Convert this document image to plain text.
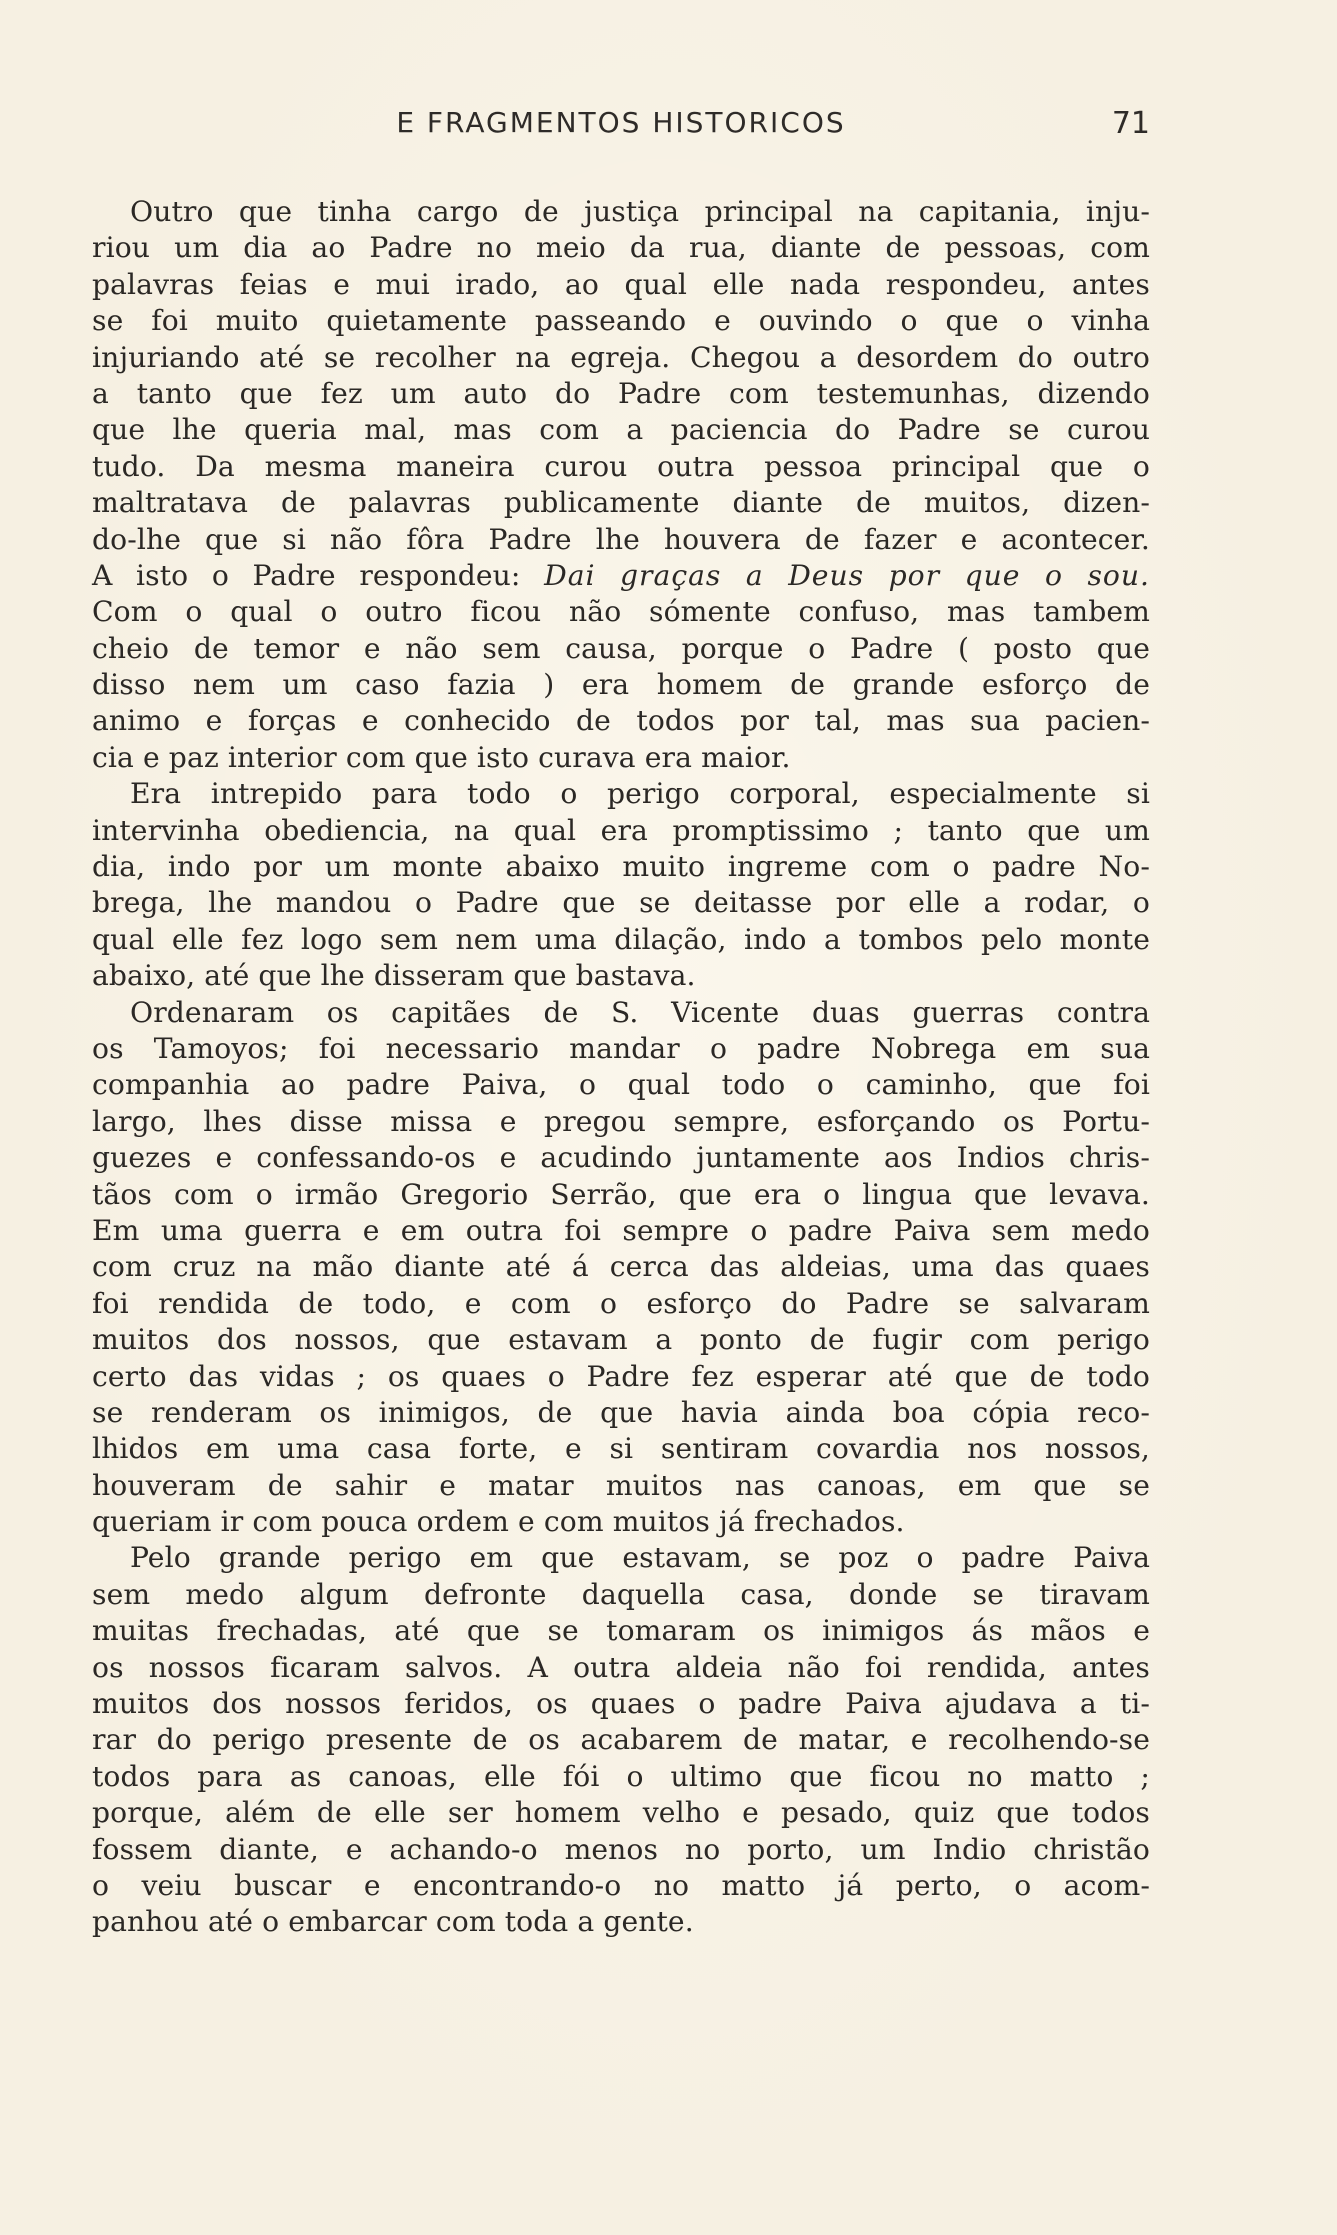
E FRAGMENTOS HISTORICOS	71
Outro que tinha cargo de justiça principal na capitania, inju-
riou um dia ao Padre no meio da rua, diante de pessoas, com
palavras feias e mui irado, ao qual elle nada respondeu, antes
se foi muito quietamente passeando e ouvindo o que o vinha
injuriando até se recolher na egreja. Chegou a desordem do outro
a tanto que fez um auto do Padre com testemunhas, dizendo
que lhe queria mal, mas com a paciencia do Padre se curou
tudo. Da mesma maneira curou outra pessoa principal que o
maltratava de palavras publicamente diante de muitos, dizen-
do-lhe que si não fôra Padre lhe houvera de fazer e acontecer.
A isto o Padre respondeu: Dai graças a Deus por que o sou.
Com o qual o outro ficou não sómente confuso, mas tambem
cheio de temor e não sem causa, porque o Padre ( posto que
disso nem um caso fazia ) era homem de grande esforço de
animo e forças e conhecido de todos por tal, mas sua pacien-
cia e paz interior com que isto curava era maior.
Era intrepido para todo o perigo corporal, especialmente si
intervinha obediencia, na qual era promptissimo ; tanto que um
dia, indo por um monte abaixo muito ingreme com o padre No-
brega, lhe mandou o Padre que se deitasse por elle a rodar, o
qual elle fez logo sem nem uma dilação, indo a tombos pelo monte
abaixo, até que lhe disseram que bastava.
Ordenaram os capitães de S. Vicente duas guerras contra
os Tamoyos; foi necessario mandar o padre Nobrega em sua
companhia ao padre Paiva, o qual todo o caminho, que foi
largo, lhes disse missa e pregou sempre, esforçando os Portu-
guezes e confessando-os e acudindo juntamente aos Indios chris-
tãos com o irmão Gregorio Serrão, que era o lingua que levava.
Em uma guerra e em outra foi sempre o padre Paiva sem medo
com cruz na mão diante até á cerca das aldeias, uma das quaes
foi rendida de todo, e com o esforço do Padre se salvaram
muitos dos nossos, que estavam a ponto de fugir com perigo
certo das vidas ; os quaes o Padre fez esperar até que de todo
se renderam os inimigos, de que havia ainda boa cópia reco-
lhidos em uma casa forte, e si sentiram covardia nos nossos,
houveram de sahir e matar muitos nas canoas, em que se
queriam ir com pouca ordem e com muitos já frechados.
Pelo grande perigo em que estavam, se poz o padre Paiva
sem medo algum defronte daquella casa, donde se tiravam
muitas frechadas, até que se tomaram os inimigos ás mãos e
os nossos ficaram salvos. A outra aldeia não foi rendida, antes
muitos dos nossos feridos, os quaes o padre Paiva ajudava a ti-
rar do perigo presente de os acabarem de matar, e recolhendo-se
todos para as canoas, elle fói o ultimo que ficou no matto ;
porque, além de elle ser homem velho e pesado, quiz que todos
fossem diante, e achando-o menos no porto, um Indio christão
o veiu buscar e encontrando-o no matto já perto, o acom-
panhou até o embarcar com toda a gente.
